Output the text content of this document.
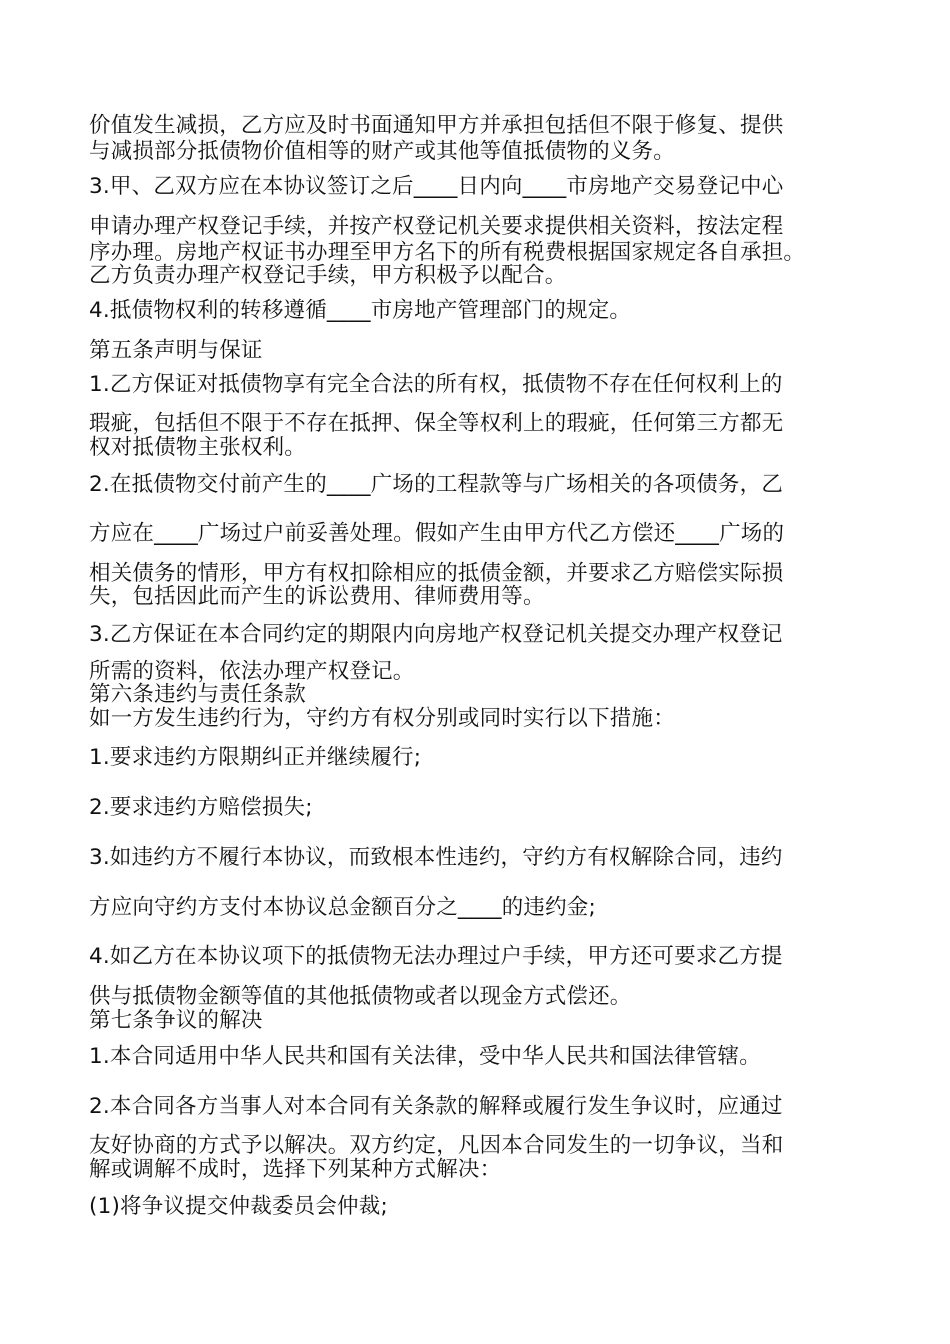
价值发生减损，乙方应及时书面通知甲方并承担包括但不限于修复、提供
与减损部分抵债物价值相等的财产或其他等值抵债物的义务。
3.甲、乙双方应在本协议签订之后____日内向____市房地产交易登记中心
申请办理产权登记手续，并按产权登记机关要求提供相关资料，按法定程
序办理。房地产权证书办理至甲方名下的所有税费根据国家规定各自承担。
乙方负责办理产权登记手续，甲方积极予以配合。
4.抵债物权利的转移遵循____市房地产管理部门的规定。
第五条声明与保证
1.乙方保证对抵债物享有完全合法的所有权，抵债物不存在任何权利上的
瑕疵，包括但不限于不存在抵押、保全等权利上的瑕疵，任何第三方都无
权对抵债物主张权利。
2.在抵债物交付前产生的____广场的工程款等与广场相关的各项债务，乙
方应在____广场过户前妥善处理。假如产生由甲方代乙方偿还____广场的
相关债务的情形，甲方有权扣除相应的抵债金额，并要求乙方赔偿实际损
失，包括因此而产生的诉讼费用、律师费用等。
3.乙方保证在本合同约定的期限内向房地产权登记机关提交办理产权登记
所需的资料，依法办理产权登记。
第六条违约与责任条款
如一方发生违约行为，守约方有权分别或同时实行以下措施：
1.要求违约方限期纠正并继续履行;
2.要求违约方赔偿损失;
3.如违约方不履行本协议，而致根本性违约，守约方有权解除合同，违约
方应向守约方支付本协议总金额百分之____的违约金;
4.如乙方在本协议项下的抵债物无法办理过户手续，甲方还可要求乙方提
供与抵债物金额等值的其他抵债物或者以现金方式偿还。
第七条争议的解决
1.本合同适用中华人民共和国有关法律，受中华人民共和国法律管辖。
2.本合同各方当事人对本合同有关条款的解释或履行发生争议时，应通过
友好协商的方式予以解决。双方约定，凡因本合同发生的一切争议，当和
解或调解不成时，选择下列某种方式解决：
(1)将争议提交仲裁委员会仲裁;
